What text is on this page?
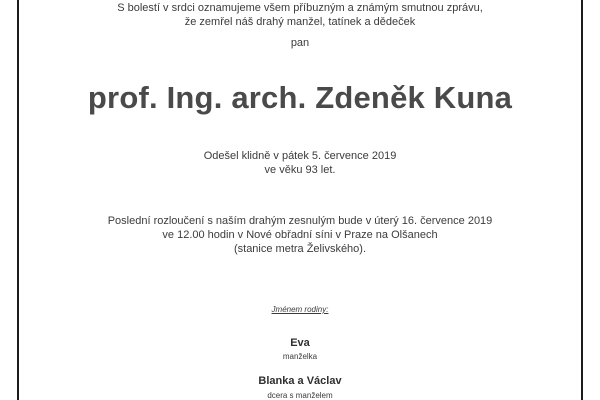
S bolestí v srdci oznamujeme všem příbuzným a známým smutnou zprávu,
že zemřel náš drahý manžel, tatínek a dědeček
pan
prof. Ing. arch. Zdeněk Kuna
Odešel klidně v pátek 5. července 2019
ve věku 93 let.
Poslední rozloučení s naším drahým zesnulým bude v úterý 16. července 2019
ve 12.00 hodin v Nové obřadní síni v Praze na Olšanech
(stanice metra Želivského).
Jménem rodiny:
Eva
manželka
Blanka a Václav
dcera s manželem
